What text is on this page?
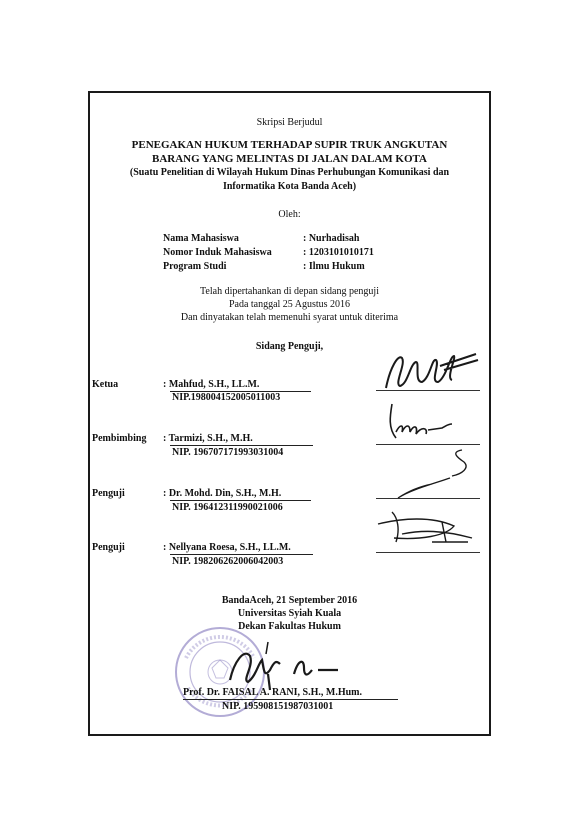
Skripsi Berjudul
PENEGAKAN HUKUM TERHADAP SUPIR TRUK ANGKUTAN
BARANG YANG MELINTAS DI JALAN DALAM KOTA
(Suatu Penelitian di Wilayah Hukum Dinas Perhubungan Komunikasi dan
Informatika Kota Banda Aceh)
Oleh:
Nama Mahasiswa	: Nurhadisah
Nomor Induk Mahasiswa	: 1203101010171
Program Studi	: Ilmu Hukum
Telah dipertahankan di depan sidang penguji
Pada tanggal 25 Agustus 2016
Dan dinyatakan telah memenuhi syarat untuk diterima
Sidang Penguji,
Ketua	: Mahfud, S.H., LL.M.
NIP.198004152005011003
Pembimbing : Tarmizi, S.H., M.H.
NIP. 196707171993031004
Penguji	: Dr. Mohd. Din, S.H., M.H.
NIP. 196412311990021006
Penguji	: Nellyana Roesa, S.H., LL.M.
NIP. 198206262006042003
BandaAceh, 21 September 2016
Universitas Syiah Kuala
Dekan Fakultas Hukum
Prof. Dr. FAISAL A. RANI, S.H., M.Hum.
NIP. 195908151987031001
